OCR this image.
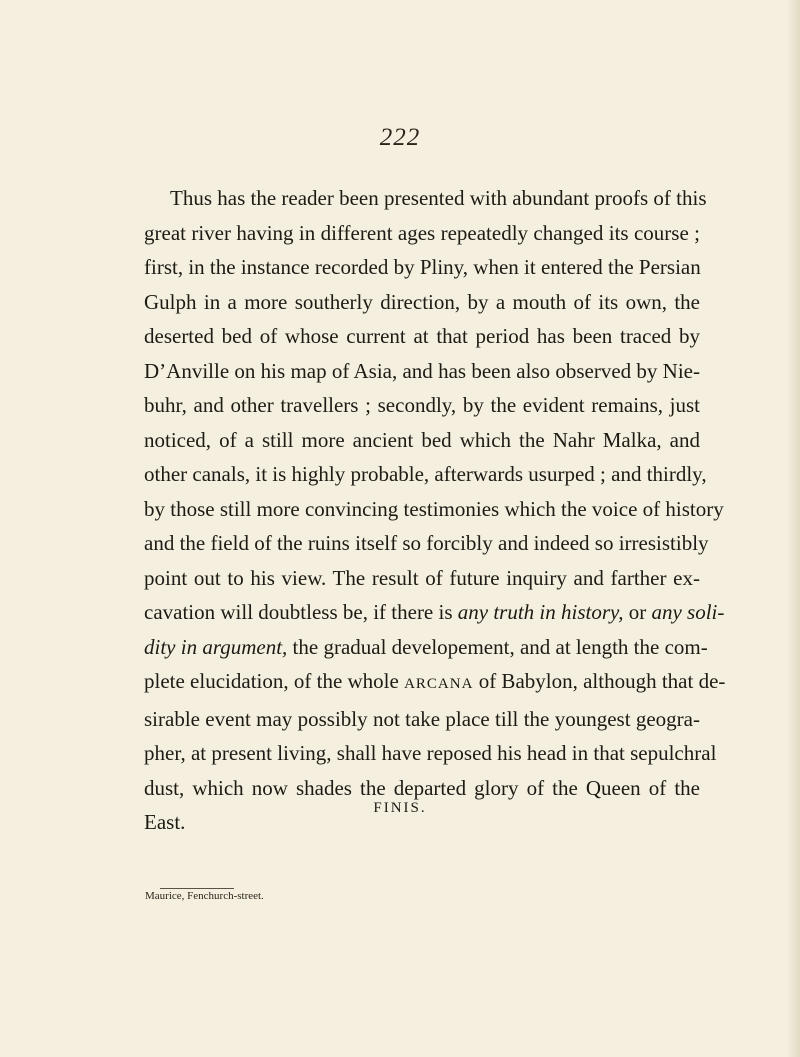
222
Thus has the reader been presented with abundant proofs of this
great river having in different ages repeatedly changed its course ;
first, in the instance recorded by Pliny, when it entered the Persian
Gulph in a more southerly direction, by a mouth of its own, the
deserted bed of whose current at that period has been traced by
D’Anville on his map of Asia, and has been also observed by Nie-
buhr, and other travellers ; secondly, by the evident remains, just
noticed, of a still more ancient bed which the Nahr Malka, and
other canals, it is highly probable, afterwards usurped ; and thirdly,
by those still more convincing testimonies which the voice of history
and the field of the ruins itself so forcibly and indeed so irresistibly
point out to his view. The result of future inquiry and farther ex-
cavation will doubtless be, if there is any truth in history, or any soli-
dity in argument, the gradual developement, and at length the com-
plete elucidation, of the whole ARCANA of Babylon, although that de-
sirable event may possibly not take place till the youngest geogra-
pher, at present living, shall have reposed his head in that sepulchral
dust, which now shades the departed glory of the Queen of the
East.
FINIS.
Maurice, Fenchurch-street.
